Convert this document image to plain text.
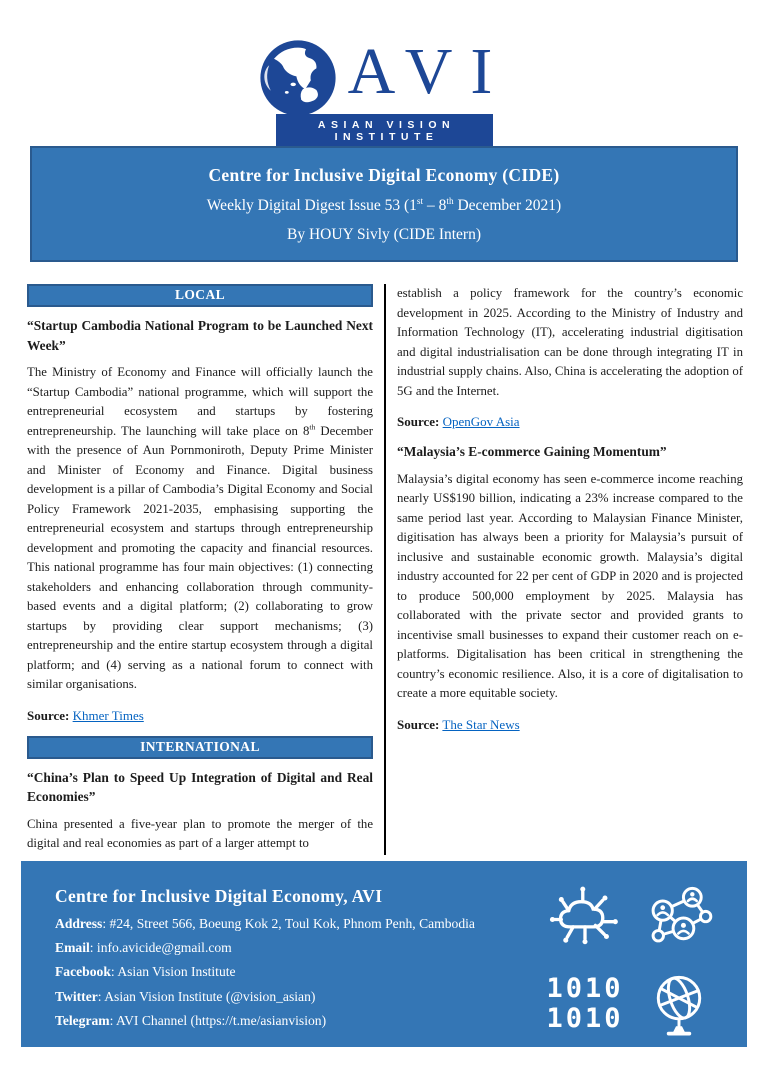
AVI
ASIAN VISION INSTITUTE
Centre for Inclusive Digital Economy (CIDE)
Weekly Digital Digest Issue 53 (1st – 8th December 2021)
By HOUY Sivly (CIDE Intern)
LOCAL

“Startup Cambodia National Program to be Launched Next Week”

The Ministry of Economy and Finance will officially launch the “Startup Cambodia” national programme, which will support the entrepreneurial ecosystem and startups by fostering entrepreneurship. The launching will take place on 8th December with the presence of Aun Pornmoniroth, Deputy Prime Minister and Minister of Economy and Finance. Digital business development is a pillar of Cambodia’s Digital Economy and Social Policy Framework 2021-2035, emphasising supporting the entrepreneurial ecosystem and startups through entrepreneurship development and promoting the capacity and financial resources. This national programme has four main objectives: (1) connecting stakeholders and enhancing collaboration through community-based events and a digital platform; (2) collaborating to grow startups by providing clear support mechanisms; (3) entrepreneurship and the entire startup ecosystem through a digital platform; and (4) serving as a national forum to connect with similar organisations.

Source: Khmer Times

INTERNATIONAL

“China’s Plan to Speed Up Integration of Digital and Real Economies”

China presented a five-year plan to promote the merger of the digital and real economies as part of a larger attempt to

establish a policy framework for the country’s economic development in 2025. According to the Ministry of Industry and Information Technology (IT), accelerating industrial digitisation and digital industrialisation can be done through integrating IT in industrial supply chains. Also, China is accelerating the adoption of 5G and the Internet.

Source: OpenGov Asia

“Malaysia’s E-commerce Gaining Momentum”

Malaysia’s digital economy has seen e-commerce income reaching nearly US$190 billion, indicating a 23% increase compared to the same period last year. According to Malaysian Finance Minister, digitisation has always been a priority for Malaysia’s pursuit of inclusive and sustainable economic growth. Malaysia’s digital industry accounted for 22 per cent of GDP in 2020 and is projected to produce 500,000 employment by 2025. Malaysia has collaborated with the private sector and provided grants to incentivise small businesses to expand their customer reach on e-platforms. Digitalisation has been critical in strengthening the country’s economic resilience. Also, it is a core of digitalisation to create a more equitable society.

Source: The Star News

Centre for Inclusive Digital Economy, AVI
Address: #24, Street 566, Boeung Kok 2, Toul Kok, Phnom Penh, Cambodia
Email: info.avicide@gmail.com
Facebook: Asian Vision Institute
Twitter: Asian Vision Institute (@vision_asian)
Telegram: AVI Channel (https://t.me/asianvision)
1010
1010
